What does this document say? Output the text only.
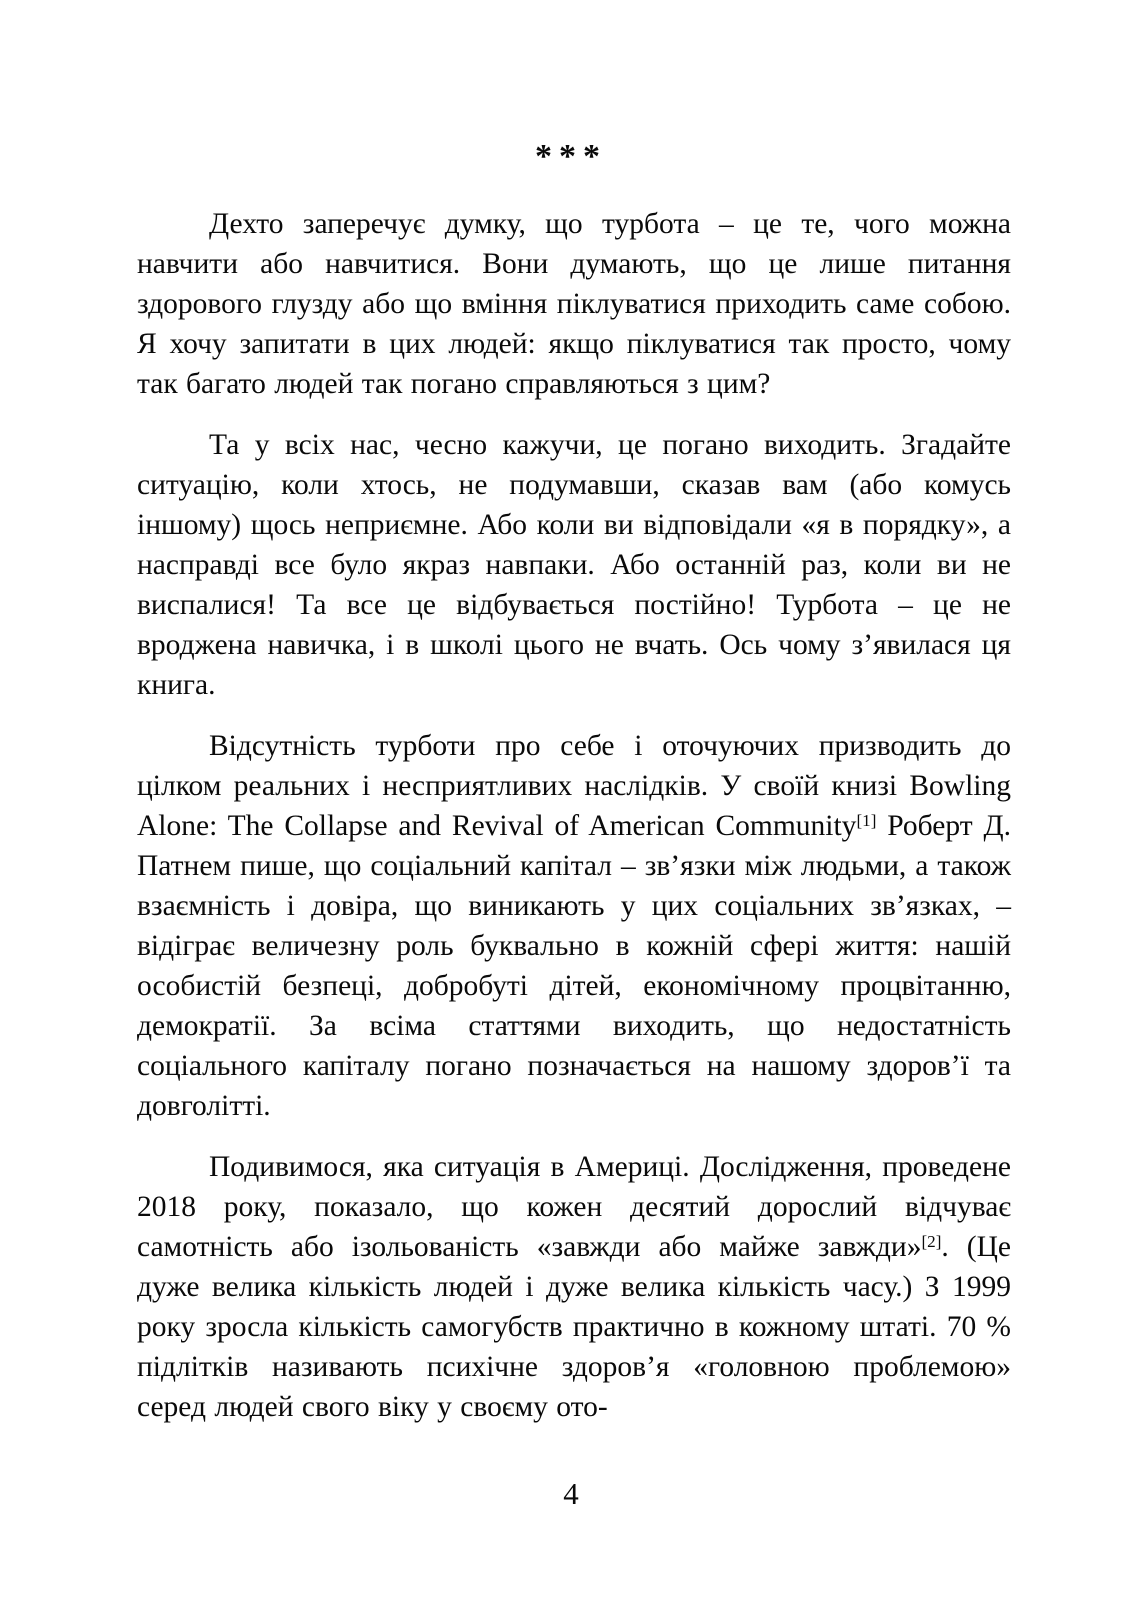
***

Дехто заперечує думку, що турбота – це те, чого можна навчити або навчитися. Вони думають, що це лише питання здорового глузду або що вміння піклуватися приходить саме собою. Я хочу запитати в цих людей: якщо піклуватися так просто, чому так багато людей так погано справляються з цим?

Та у всіх нас, чесно кажучи, це погано виходить. Згадайте ситуацію, коли хтось, не подумавши, сказав вам (або комусь іншому) щось неприємне. Або коли ви відповідали «я в порядку», а насправді все було якраз навпаки. Або останній раз, коли ви не виспалися! Та все це відбувається постійно! Турбота – це не вроджена навичка, і в школі цього не вчать. Ось чому з’явилася ця книга.

Відсутність турботи про себе і оточуючих призводить до цілком реальних і несприятливих наслідків. У своїй книзі Bowling Alone: The Collapse and Revival of American Community[1] Роберт Д. Патнем пише, що соціальний капітал – зв’язки між людьми, а також взаємність і довіра, що виникають у цих соціальних зв’язках, – відіграє величезну роль буквально в кожній сфері життя: нашій особистій безпеці, добробуті дітей, економічному процвітанню, демократії. За всіма статтями виходить, що недостатність соціального капіталу погано позначається на нашому здоров’ї та довголітті.

Подивимося, яка ситуація в Америці. Дослідження, проведене 2018 року, показало, що кожен десятий дорослий відчуває самотність або ізольованість «завжди або майже завжди»[2]. (Це дуже велика кількість людей і дуже велика кількість часу.) З 1999 року зросла кількість самогубств практично в кожному штаті. 70 % підлітків називають психічне здоров’я «головною проблемою» серед людей свого віку у своєму ото-

4
